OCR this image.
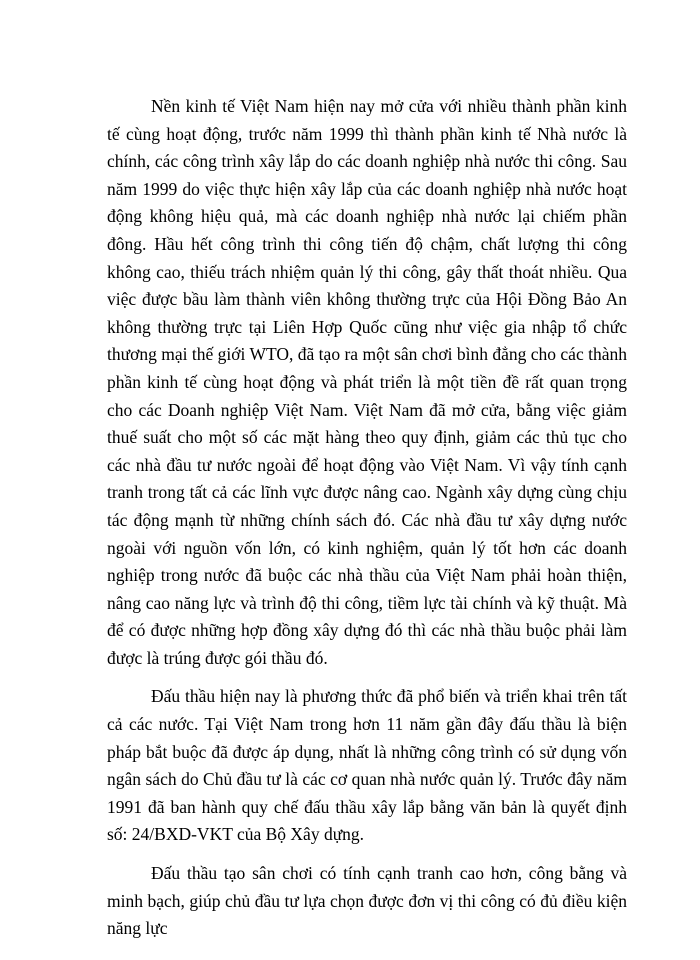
Nền kinh tế Việt Nam hiện nay mở cửa với nhiều thành phần kinh tế cùng hoạt động, trước năm 1999 thì thành phần kinh tế Nhà nước là chính, các công trình xây lắp do các doanh nghiệp nhà nước thi công. Sau năm 1999 do việc thực hiện xây lắp của các doanh nghiệp nhà nước hoạt động không hiệu quả, mà các doanh nghiệp nhà nước lại chiếm phần đông. Hầu hết công trình thi công tiến độ chậm, chất lượng thi công không cao, thiếu trách nhiệm quản lý thi công, gây thất thoát nhiều. Qua việc được bầu làm thành viên không thường trực của Hội Đồng Bảo An không thường trực tại Liên Hợp Quốc cũng như việc gia nhập tổ chức thương mại thế giới WTO, đã tạo ra một sân chơi bình đẳng cho các thành phần kinh tế cùng hoạt động và phát triển là một tiền đề rất quan trọng cho các Doanh nghiệp Việt Nam. Việt Nam đã mở cửa, bằng việc giảm thuế suất cho một số các mặt hàng theo quy định, giảm các thủ tục cho các nhà đầu tư nước ngoài để hoạt động vào Việt Nam. Vì vậy tính cạnh tranh trong tất cả các lĩnh vực được nâng cao. Ngành xây dựng cùng chịu tác động mạnh từ những chính sách đó. Các nhà đầu tư xây dựng nước ngoài với nguồn vốn lớn, có kinh nghiệm, quản lý tốt hơn các doanh nghiệp trong nước đã buộc các nhà thầu của Việt Nam phải hoàn thiện, nâng cao năng lực và trình độ thi công, tiềm lực tài chính và kỹ thuật. Mà để có được những hợp đồng xây dựng đó thì các nhà thầu buộc phải làm được là trúng được gói thầu đó.

Đấu thầu hiện nay là phương thức đã phổ biến và triển khai trên tất cả các nước. Tại Việt Nam trong hơn 11 năm gần đây đấu thầu là biện pháp bắt buộc đã được áp dụng, nhất là những công trình có sử dụng vốn ngân sách do Chủ đầu tư là các cơ quan nhà nước quản lý. Trước đây năm 1991 đã ban hành quy chế đấu thầu xây lắp bằng văn bản là quyết định số: 24/BXD-VKT của Bộ Xây dựng.

Đấu thầu tạo sân chơi có tính cạnh tranh cao hơn, công bằng và minh bạch, giúp chủ đầu tư lựa chọn được đơn vị thi công có đủ điều kiện năng lực
